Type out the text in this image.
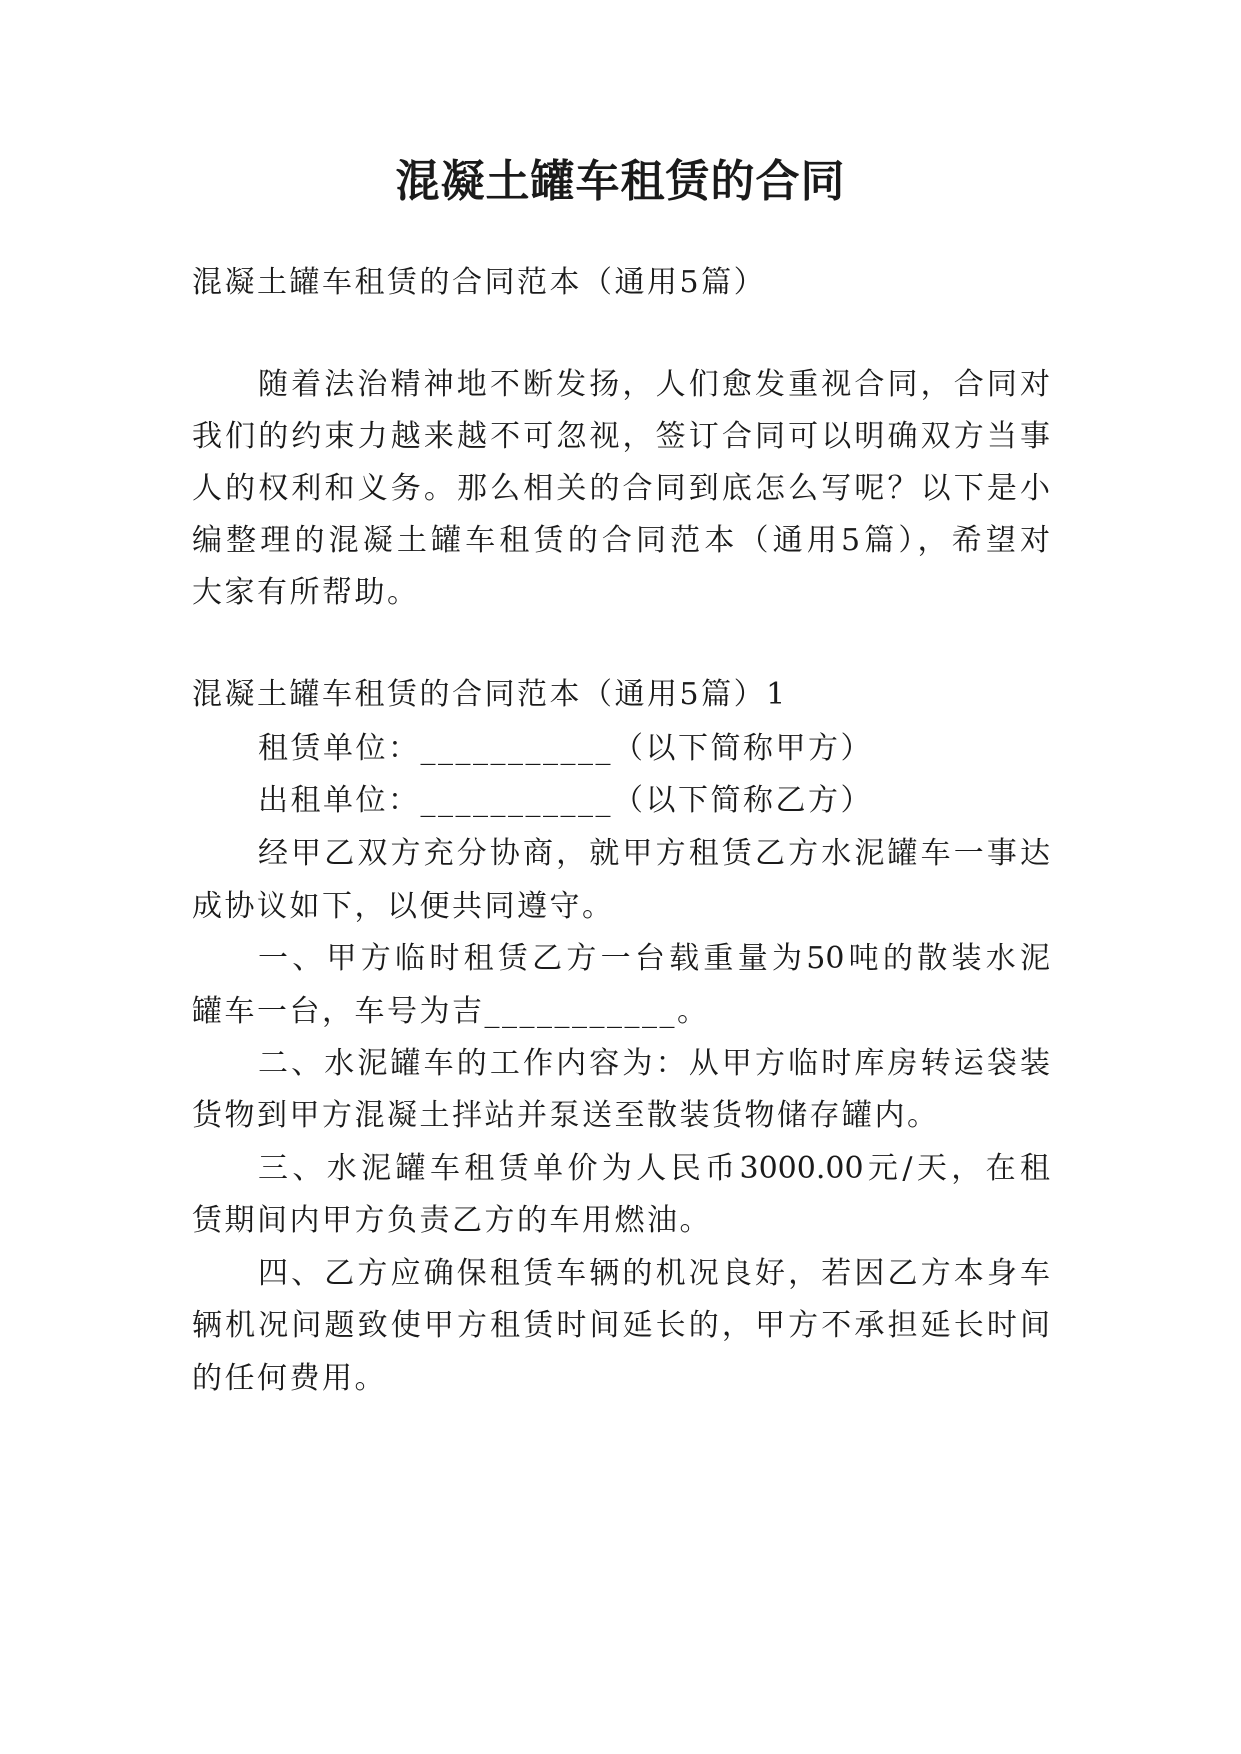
混凝土罐车租赁的合同

混凝土罐车租赁的合同范本（通用5篇）

随着法治精神地不断发扬，人们愈发重视合同，合同对

我们的约束力越来越不可忽视，签订合同可以明确双方当事

人的权利和义务。那么相关的合同到底怎么写呢？以下是小

编整理的混凝土罐车租赁的合同范本（通用5篇），希望对

大家有所帮助。

混凝土罐车租赁的合同范本（通用5篇）1

租赁单位：___________（以下简称甲方）

出租单位：___________（以下简称乙方）

经甲乙双方充分协商，就甲方租赁乙方水泥罐车一事达

成协议如下，以便共同遵守。

一、甲方临时租赁乙方一台载重量为50吨的散装水泥

罐车一台，车号为吉___________。

二、水泥罐车的工作内容为：从甲方临时库房转运袋装

货物到甲方混凝土拌站并泵送至散装货物储存罐内。

三、水泥罐车租赁单价为人民币3000.00元/天，在租

赁期间内甲方负责乙方的车用燃油。

四、乙方应确保租赁车辆的机况良好，若因乙方本身车

辆机况问题致使甲方租赁时间延长的，甲方不承担延长时间

的任何费用。
